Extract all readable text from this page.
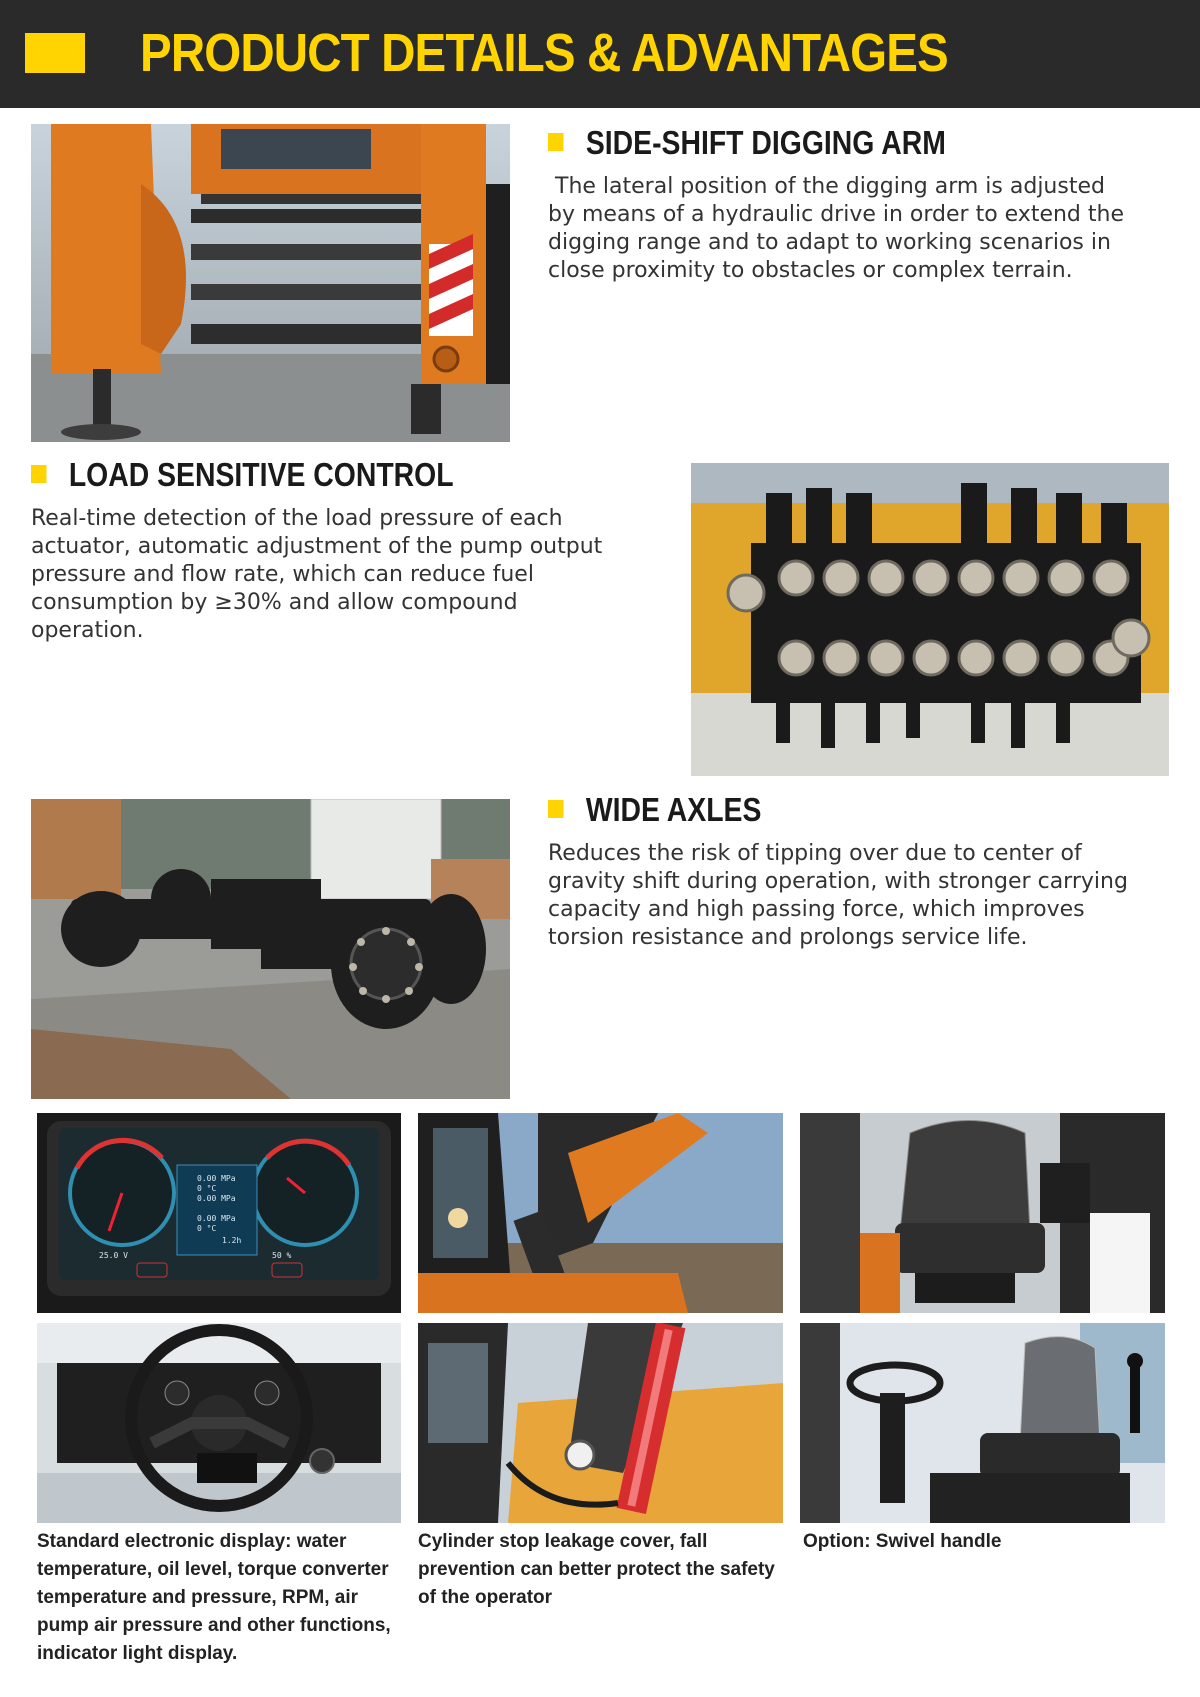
PRODUCT DETAILS & ADVANTAGES
SIDE-SHIFT DIGGING ARM
The lateral position of the digging arm is adjusted by means of a hydraulic drive in order to extend the digging range and to adapt to working scenarios in close proximity to obstacles or complex terrain.
LOAD SENSITIVE CONTROL
Real-time detection of the load pressure of each actuator, automatic adjustment of the pump output pressure and flow rate, which can reduce fuel consumption by ≥30% and allow compound operation.
WIDE AXLES
Reduces the risk of tipping over due to center of gravity shift during operation, with stronger carrying capacity and high passing force, which improves torsion resistance and prolongs service life.
0.00 MPa
0 °C
0.00 MPa
0.00 MPa
0 °C
1.2h
25.0 V	50 %
Standard electronic display: water temperature, oil level, torque converter temperature and pressure, RPM, air pump air pressure and other functions, indicator light display.
Cylinder stop leakage cover, fall prevention can better protect the safety of the operator
Option: Swivel handle
